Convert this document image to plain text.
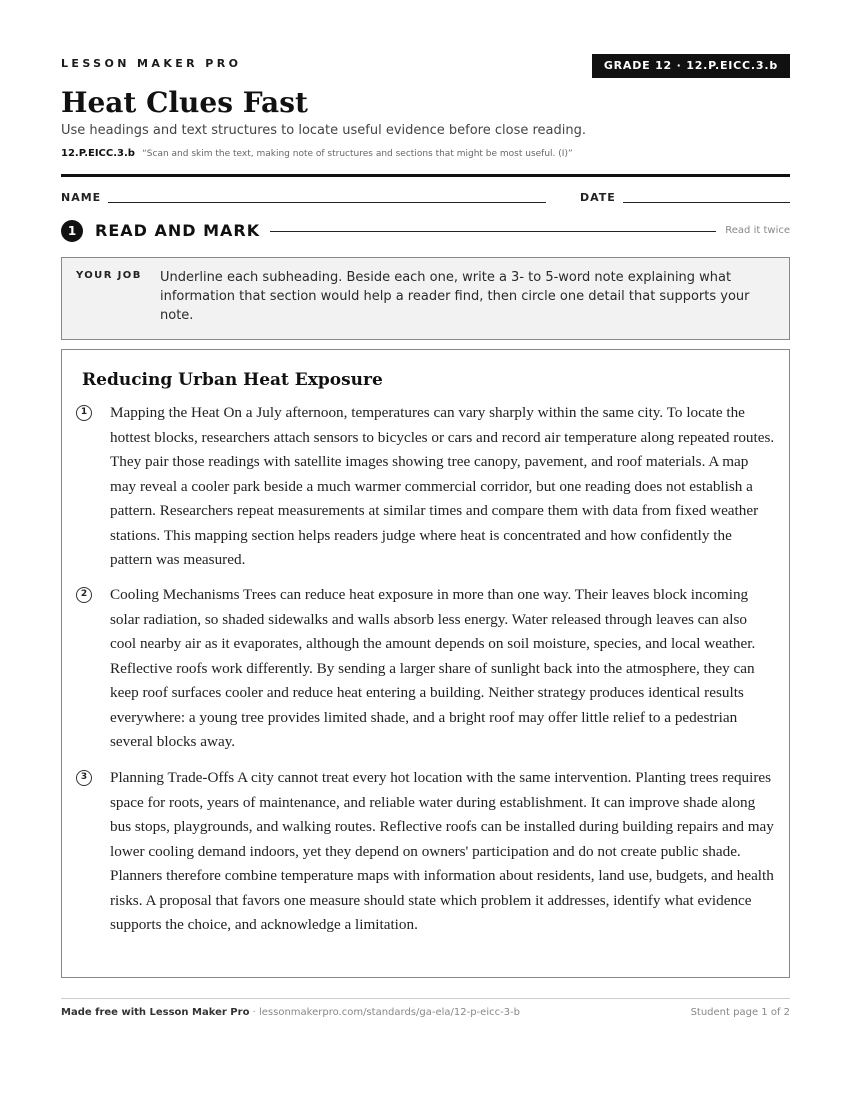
LESSON MAKER PRO	GRADE 12 · 12.P.EICC.3.b
Heat Clues Fast
Use headings and text structures to locate useful evidence before close reading.
12.P.EICC.3.b “Scan and skim the text, making note of structures and sections that might be most useful. (I)”
NAME	DATE
1	READ AND MARK	Read it twice
YOUR JOB Underline each subheading. Beside each one, write a 3- to 5-word note explaining what information that section would help a reader find, then circle one detail that supports your note.
Reducing Urban Heat Exposure
1	Mapping the Heat On a July afternoon, temperatures can vary sharply within the same city. To locate the hottest blocks, researchers attach sensors to bicycles or cars and record air temperature along repeated routes. They pair those readings with satellite images showing tree canopy, pavement, and roof materials. A map may reveal a cooler park beside a much warmer commercial corridor, but one reading does not establish a pattern. Researchers repeat measurements at similar times and compare them with data from fixed weather stations. This mapping section helps readers judge where heat is concentrated and how confidently the pattern was measured.

2	Cooling Mechanisms Trees can reduce heat exposure in more than one way. Their leaves block incoming solar radiation, so shaded sidewalks and walls absorb less energy. Water released through leaves can also cool nearby air as it evaporates, although the amount depends on soil moisture, species, and local weather. Reflective roofs work differently. By sending a larger share of sunlight back into the atmosphere, they can keep roof surfaces cooler and reduce heat entering a building. Neither strategy produces identical results everywhere: a young tree provides limited shade, and a bright roof may offer little relief to a pedestrian several blocks away.

3	Planning Trade-Offs A city cannot treat every hot location with the same intervention. Planting trees requires space for roots, years of maintenance, and reliable water during establishment. It can improve shade along bus stops, playgrounds, and walking routes. Reflective roofs can be installed during building repairs and may lower cooling demand indoors, yet they depend on owners' participation and do not create public shade. Planners therefore combine temperature maps with information about residents, land use, budgets, and health risks. A proposal that favors one measure should state which problem it addresses, identify what evidence supports the choice, and acknowledge a limitation.

Made free with Lesson Maker Pro · lessonmakerpro.com/standards/ga-ela/12-p-eicc-3-b	Student page 1 of 2
